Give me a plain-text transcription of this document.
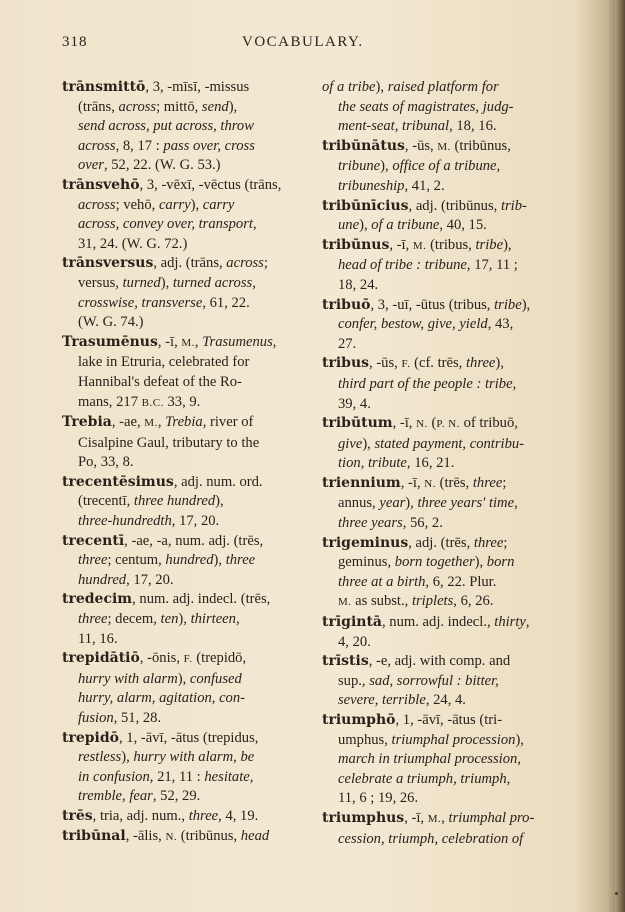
318	VOCABULARY.
trānsmittō, 3, -mīsī, -missus
(trāns, across; mittō, send),
send across, put across, throw
across, 8, 17 : pass over, cross
over, 52, 22. (W. G. 53.)
trānsvehō, 3, -vēxī, -vēctus (trāns,
across; vehō, carry), carry
across, convey over, transport,
31, 24. (W. G. 72.)
trānsversus, adj. (trāns, across;
versus, turned), turned across,
crosswise, transverse, 61, 22.
(W. G. 74.)
Trasumēnus, -ī, M., Trasumenus,
lake in Etruria, celebrated for
Hannibal's defeat of the Ro-
mans, 217 B.C. 33, 9.
Trebia, -ae, M., Trebia, river of
Cisalpine Gaul, tributary to the
Po, 33, 8.
trecentēsimus, adj. num. ord.
(trecentī, three hundred),
three-hundredth, 17, 20.
trecentī, -ae, -a, num. adj. (trēs,
three; centum, hundred), three
hundred, 17, 20.
tredecim, num. adj. indecl. (trēs,
three; decem, ten), thirteen,
11, 16.
trepidātiō, -ōnis, F. (trepidō,
hurry with alarm), confused
hurry, alarm, agitation, con-
fusion, 51, 28.
trepidō, 1, -āvī, -ātus (trepidus,
restless), hurry with alarm, be
in confusion, 21, 11 : hesitate,
tremble, fear, 52, 29.
trēs, tria, adj. num., three, 4, 19.
tribūnal, -ālis, N. (tribūnus, head
of a tribe), raised platform for
the seats of magistrates, judg-
ment-seat, tribunal, 18, 16.
tribūnātus, -ūs, M. (tribūnus,
tribune), office of a tribune,
tribuneship, 41, 2.
tribūnīcius, adj. (tribūnus, trib-
une), of a tribune, 40, 15.
tribūnus, -ī, M. (tribus, tribe),
head of tribe : tribune, 17, 11 ;
18, 24.
tribuō, 3, -uī, -ūtus (tribus, tribe),
confer, bestow, give, yield, 43,
27.
tribus, -ūs, F. (cf. trēs, three),
third part of the people : tribe,
39, 4.
tribūtum, -ī, N. (P. N. of tribuō,
give), stated payment, contribu-
tion, tribute, 16, 21.
triennium, -ī, N. (trēs, three;
annus, year), three years' time,
three years, 56, 2.
trigeminus, adj. (trēs, three;
geminus, born together), born
three at a birth, 6, 22. Plur.
M. as subst., triplets, 6, 26.
trīgintā, num. adj. indecl., thirty,
4, 20.
trīstis, -e, adj. with comp. and
sup., sad, sorrowful : bitter,
severe, terrible, 24, 4.
triumphō, 1, -āvī, -ātus (tri-
umphus, triumphal procession),
march in triumphal procession,
celebrate a triumph, triumph,
11, 6 ; 19, 26.
triumphus, -ī, M., triumphal pro-
cession, triumph, celebration of
